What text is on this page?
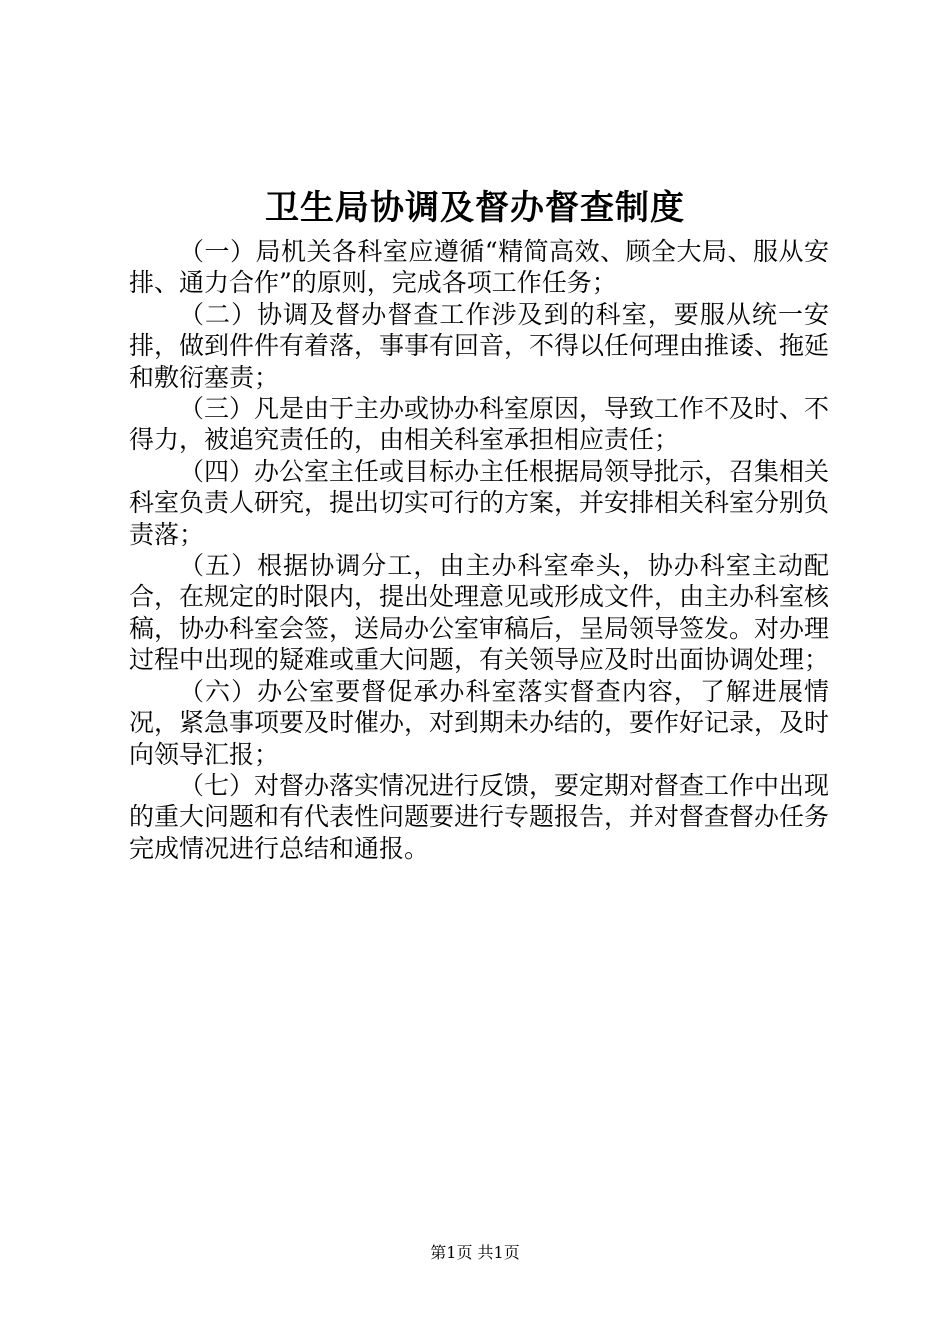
卫生局协调及督办督查制度

（一）局机关各科室应遵循“精简高效、顾全大局、服从安排、通力合作”的原则，完成各项工作任务；

（二）协调及督办督查工作涉及到的科室，要服从统一安排，做到件件有着落，事事有回音，不得以任何理由推诿、拖延和敷衍塞责；

（三）凡是由于主办或协办科室原因，导致工作不及时、不得力，被追究责任的，由相关科室承担相应责任；

（四）办公室主任或目标办主任根据局领导批示，召集相关科室负责人研究，提出切实可行的方案，并安排相关科室分别负责落；

（五）根据协调分工，由主办科室牵头，协办科室主动配合，在规定的时限内，提出处理意见或形成文件，由主办科室核稿，协办科室会签，送局办公室审稿后，呈局领导签发。对办理过程中出现的疑难或重大问题，有关领导应及时出面协调处理；

（六）办公室要督促承办科室落实督查内容，了解进展情况，紧急事项要及时催办，对到期未办结的，要作好记录，及时向领导汇报；

（七）对督办落实情况进行反馈，要定期对督查工作中出现的重大问题和有代表性问题要进行专题报告，并对督查督办任务完成情况进行总结和通报。

第1页 共1页
